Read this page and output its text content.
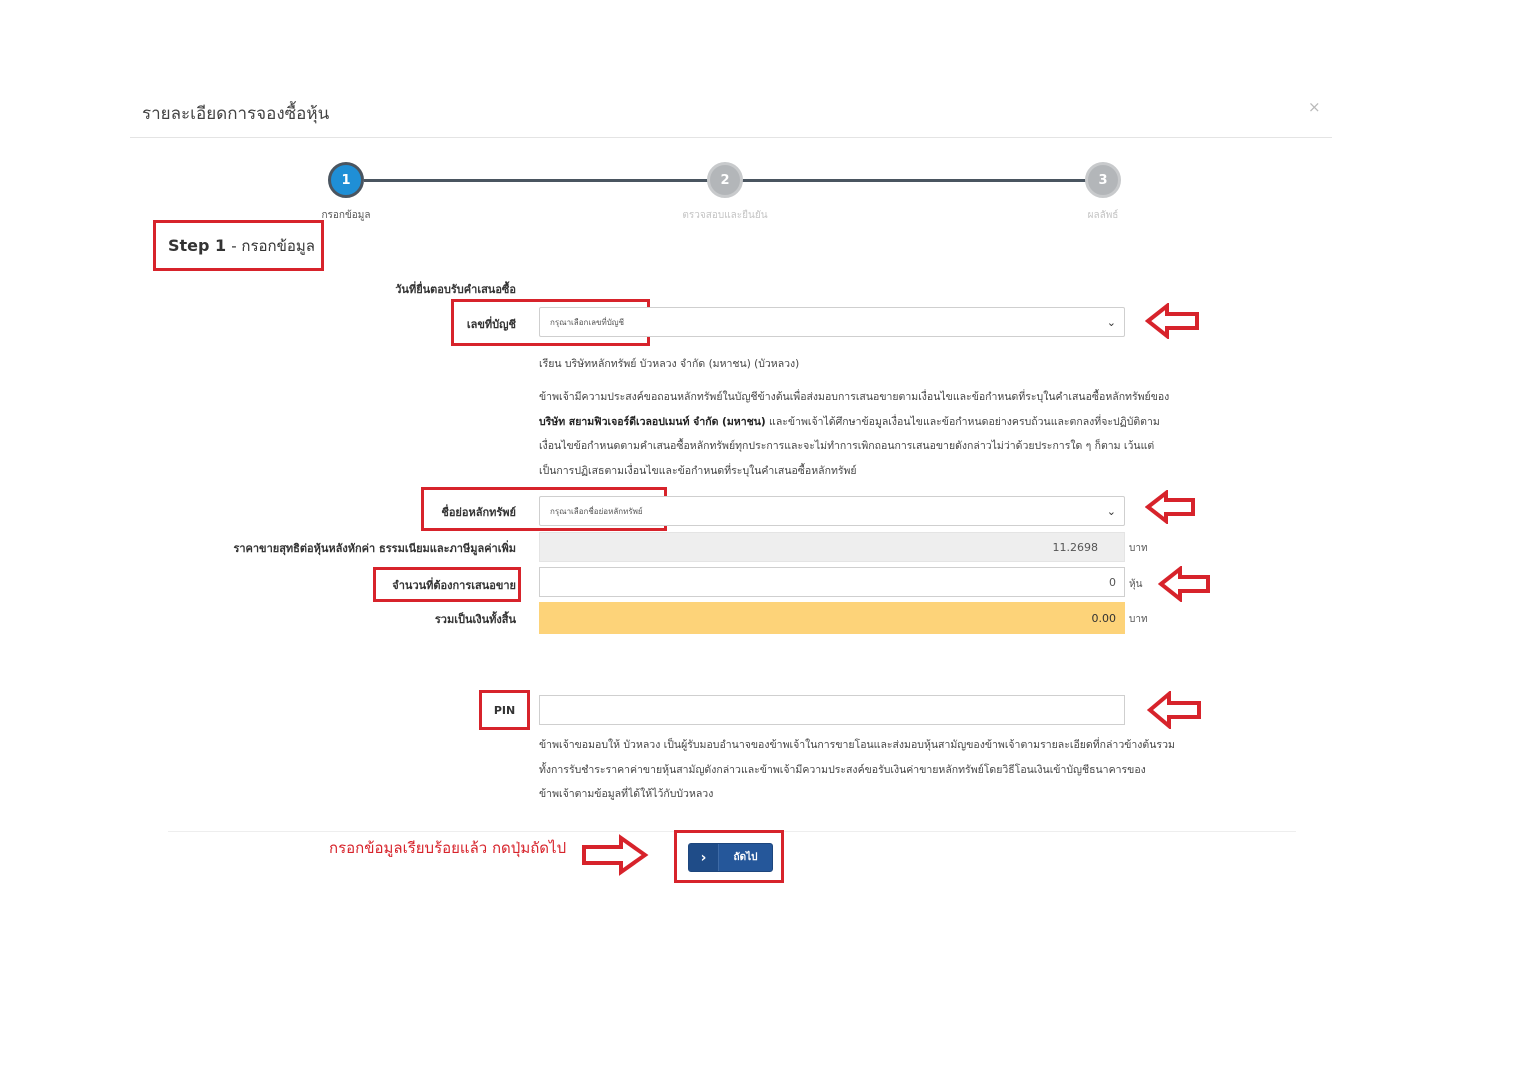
รายละเอียดการจองซื้อหุ้น	×
1
กรอกข้อมูล
2
ตรวจสอบและยืนยัน
3
ผลลัพธ์
Step 1 - กรอกข้อมูล
วันที่ยื่นตอบรับคำเสนอซื้อ
เลขที่บัญชี	กรุณาเลือกเลขที่บัญชี	⌄
เรียน บริษัทหลักทรัพย์ บัวหลวง จำกัด (มหาชน) (บัวหลวง)
ข้าพเจ้ามีความประสงค์ขอถอนหลักทรัพย์ในบัญชีข้างต้นเพื่อส่งมอบการเสนอขายตามเงื่อนไขและข้อกำหนดที่ระบุในคำเสนอซื้อหลักทรัพย์ของ บริษัท สยามฟิวเจอร์ดีเวลอปเมนท์ จำกัด (มหาชน) และข้าพเจ้าได้ศึกษาข้อมูลเงื่อนไขและข้อกำหนดอย่างครบถ้วนและตกลงที่จะปฏิบัติตามเงื่อนไขข้อกำหนดตามคำเสนอซื้อหลักทรัพย์ทุกประการและจะไม่ทำการเพิกถอนการเสนอขายดังกล่าวไม่ว่าด้วยประการใด ๆ ก็ตาม เว้นแต่เป็นการปฏิเสธตามเงื่อนไขและข้อกำหนดที่ระบุในคำเสนอซื้อหลักทรัพย์
ชื่อย่อหลักทรัพย์	กรุณาเลือกชื่อย่อหลักทรัพย์	⌄
ราคาขายสุทธิต่อหุ้นหลังหักค่า ธรรมเนียมและภาษีมูลค่าเพิ่ม	11.2698	บาท
จำนวนที่ต้องการเสนอขาย	0	หุ้น
รวมเป็นเงินทั้งสิ้น	0.00	บาท
PIN
ข้าพเจ้าขอมอบให้ บัวหลวง เป็นผู้รับมอบอำนาจของข้าพเจ้าในการขายโอนและส่งมอบหุ้นสามัญของข้าพเจ้าตามรายละเอียดที่กล่าวข้างต้นรวมทั้งการรับชำระราคาค่าขายหุ้นสามัญดังกล่าวและข้าพเจ้ามีความประสงค์ขอรับเงินค่าขายหลักทรัพย์โดยวิธีโอนเงินเข้าบัญชีธนาคารของข้าพเจ้าตามข้อมูลที่ได้ให้ไว้กับบัวหลวง
กรอกข้อมูลเรียบร้อยแล้ว กดปุ่มถัดไป
›	ถัดไป
